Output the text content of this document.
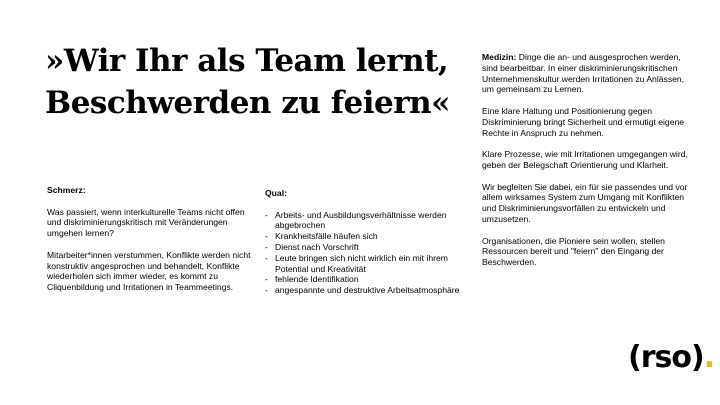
»Wir Ihr als Team lernt,
Beschwerden zu feiern«

Schmerz:

Was passiert, wenn interkulturelle Teams nicht offen und diskriminierungskritisch mit Veränderungen umgehen lernen?

Mitarbeiter*innen verstummen, Konflikte werden nicht konstruktiv angesprochen und behandelt, Konflikte wiederholen sich immer wieder, es kommt zu Cliquenbildung und Irritationen in Teammeetings.

Qual:

- Arbeits- und Ausbildungsverhältnisse werden abgebrochen
- Krankheitsfälle häufen sich
- Dienst nach Vorschrift
- Leute bringen sich nicht wirklich ein mit ihrem Potential und Kreativität
- fehlende Identifikation
- angespannte und destruktive Arbeitsatmosphäre

Medizin: Dinge die an- und ausgesprochen werden, sind bearbeitbar. In einer diskriminierungskritischen Unternehmenskultur werden Irritationen zu Anlässen, um gemeinsam zu Lernen.

Eine klare Haltung und Positionierung gegen Diskriminierung bringt Sicherheit und ermutigt eigene Rechte in Anspruch zu nehmen.

Klare Prozesse, wie mit Irritationen umgegangen wird, geben der Belegschaft Orientierung und Klarheit.

Wir begleiten Sie dabei, ein für sie passendes und vor allem wirksames System zum Umgang mit Konflikten und Diskriminierungsvorfällen zu entwickeln und umzusetzen.

Organisationen, die Pioniere sein wollen, stellen Ressourcen bereit und "feiern" den Eingang der Beschwerden.

(rso).
